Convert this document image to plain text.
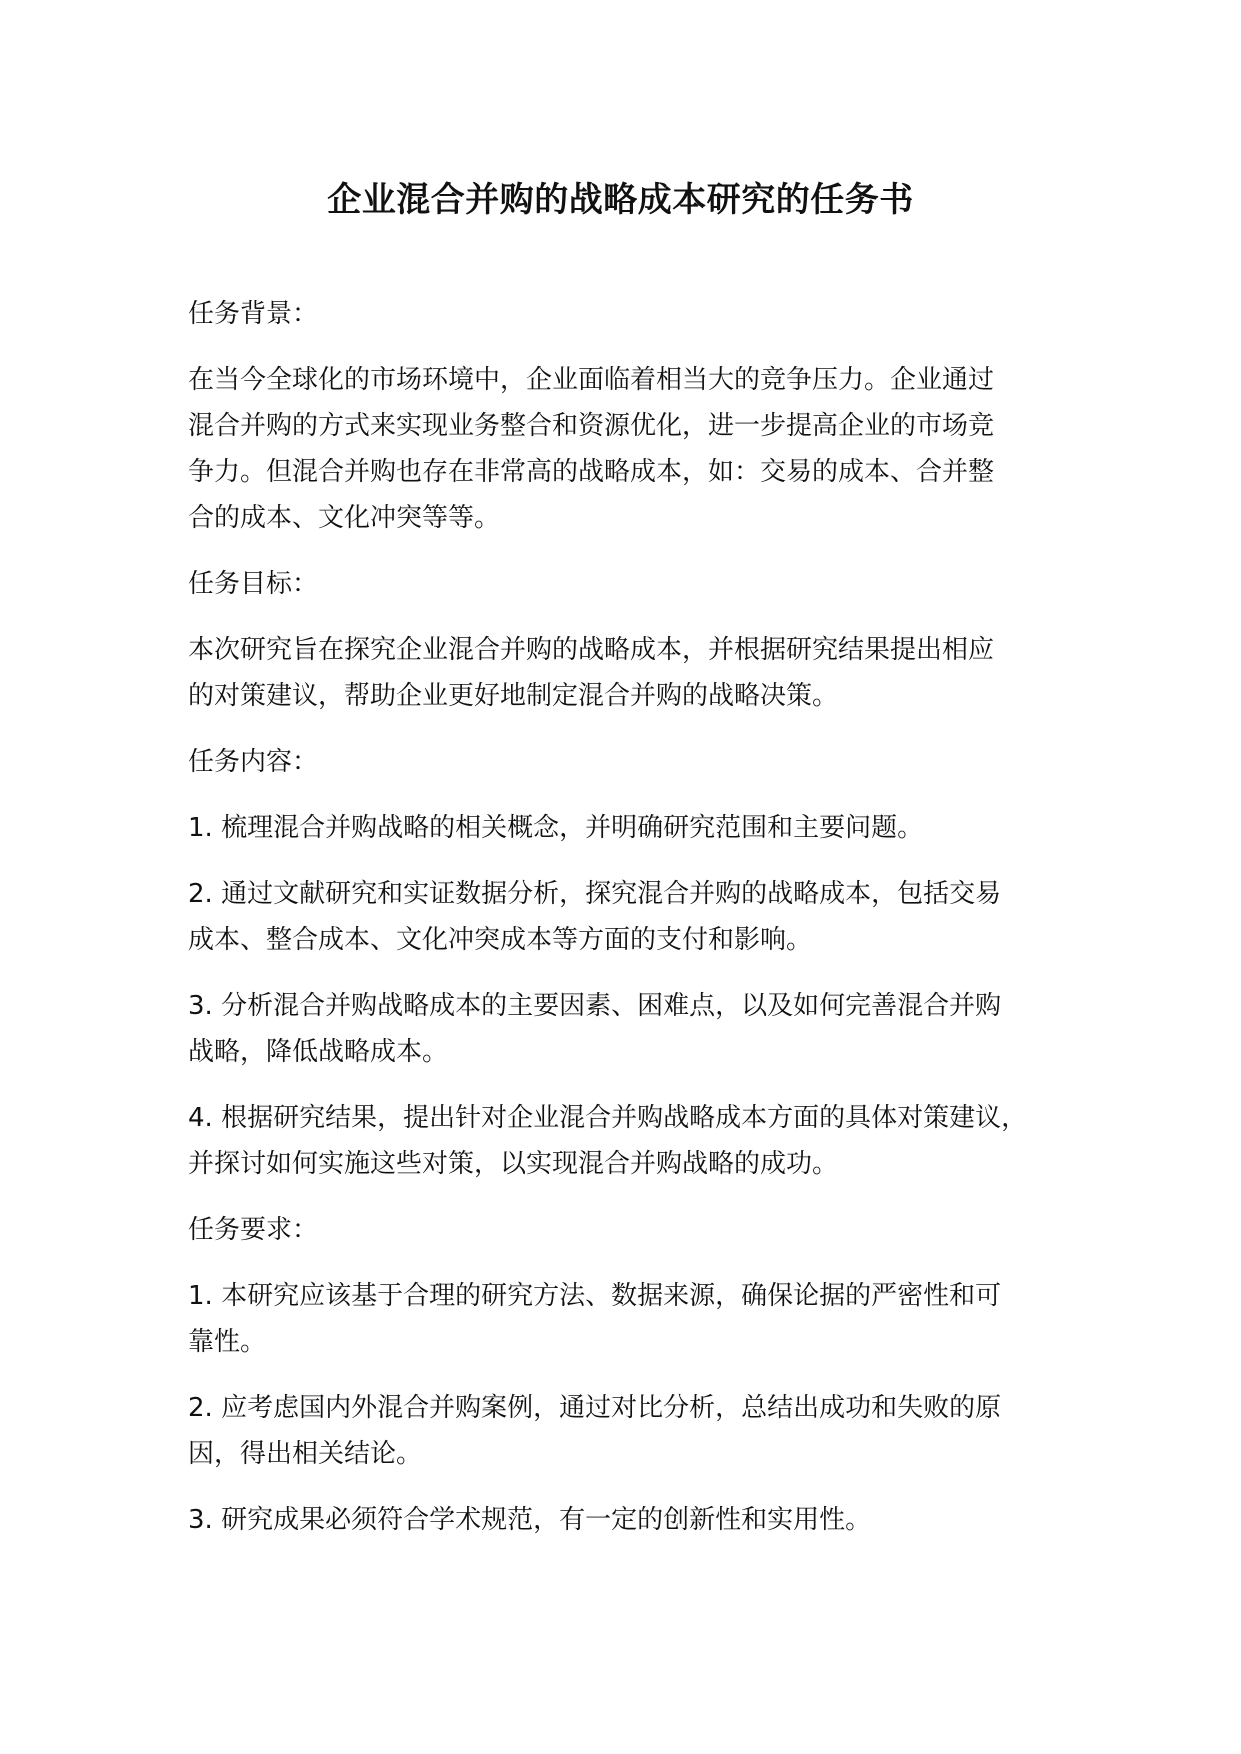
企业混合并购的战略成本研究的任务书

任务背景：

在当今全球化的市场环境中，企业面临着相当大的竞争压力。企业通过
混合并购的方式来实现业务整合和资源优化，进一步提高企业的市场竞
争力。但混合并购也存在非常高的战略成本，如：交易的成本、合并整
合的成本、文化冲突等等。

任务目标：

本次研究旨在探究企业混合并购的战略成本，并根据研究结果提出相应
的对策建议，帮助企业更好地制定混合并购的战略决策。

任务内容：

1. 梳理混合并购战略的相关概念，并明确研究范围和主要问题。

2. 通过文献研究和实证数据分析，探究混合并购的战略成本，包括交易
成本、整合成本、文化冲突成本等方面的支付和影响。

3. 分析混合并购战略成本的主要因素、困难点，以及如何完善混合并购
战略，降低战略成本。

4. 根据研究结果，提出针对企业混合并购战略成本方面的具体对策建议，
并探讨如何实施这些对策，以实现混合并购战略的成功。

任务要求：

1. 本研究应该基于合理的研究方法、数据来源，确保论据的严密性和可
靠性。

2. 应考虑国内外混合并购案例，通过对比分析，总结出成功和失败的原
因，得出相关结论。

3. 研究成果必须符合学术规范，有一定的创新性和实用性。
